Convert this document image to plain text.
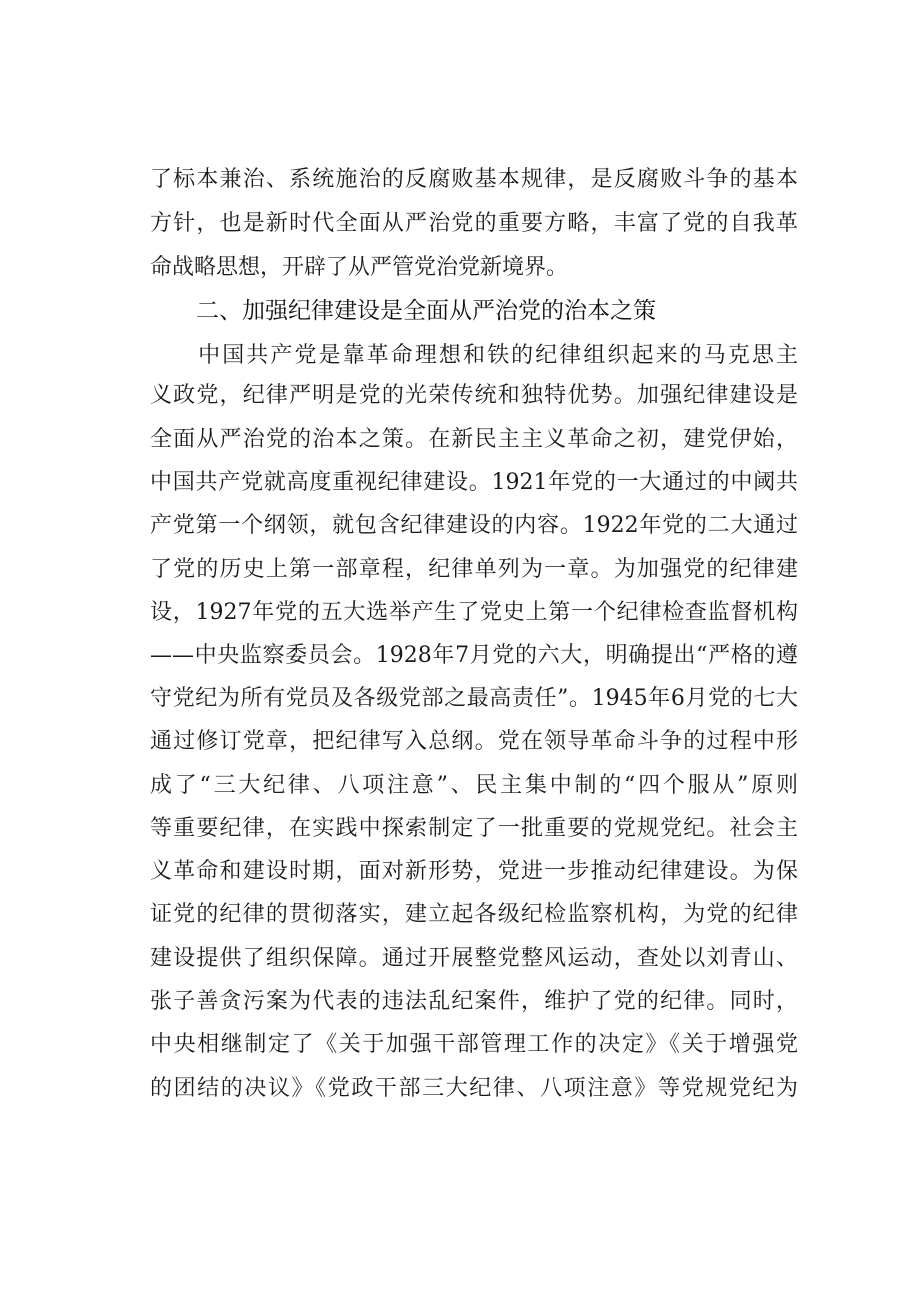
了标本兼治、系统施治的反腐败基本规律，是反腐败斗争的基本
方针，也是新时代全面从严治党的重要方略，丰富了党的自我革
命战略思想，开辟了从严管党治党新境界。
二、加强纪律建设是全面从严治党的治本之策
　　中国共产党是靠革命理想和铁的纪律组织起来的马克思主
义政党，纪律严明是党的光荣传统和独特优势。加强纪律建设是
全面从严治党的治本之策。在新民主主义革命之初，建党伊始，
中国共产党就高度重视纪律建设。1921年党的一大通过的中阈共
产党第一个纲领，就包含纪律建设的内容。1922年党的二大通过
了党的历史上第一部章程，纪律单列为一章。为加强党的纪律建
设，1927年党的五大选举产生了党史上第一个纪律检查监督机构
——中央监察委员会。1928年7月党的六大，明确提出“严格的遵
守党纪为所有党员及各级党部之最高责任”。1945年6月党的七大
通过修订党章，把纪律写入总纲。党在领导革命斗争的过程中形
成了“三大纪律、八项注意”、民主集中制的“四个服从”原则
等重要纪律，在实践中探索制定了一批重要的党规党纪。社会主
义革命和建设时期，面对新形势，党进一步推动纪律建设。为保
证党的纪律的贯彻落实，建立起各级纪检监察机构，为党的纪律
建设提供了组织保障。通过开展整党整风运动，查处以刘青山、
张子善贪污案为代表的违法乱纪案件，维护了党的纪律。同时，
中央相继制定了《关于加强干部管理工作的决定》《关于增强党
的团结的决议》《党政干部三大纪律、八项注意》等党规党纪为
